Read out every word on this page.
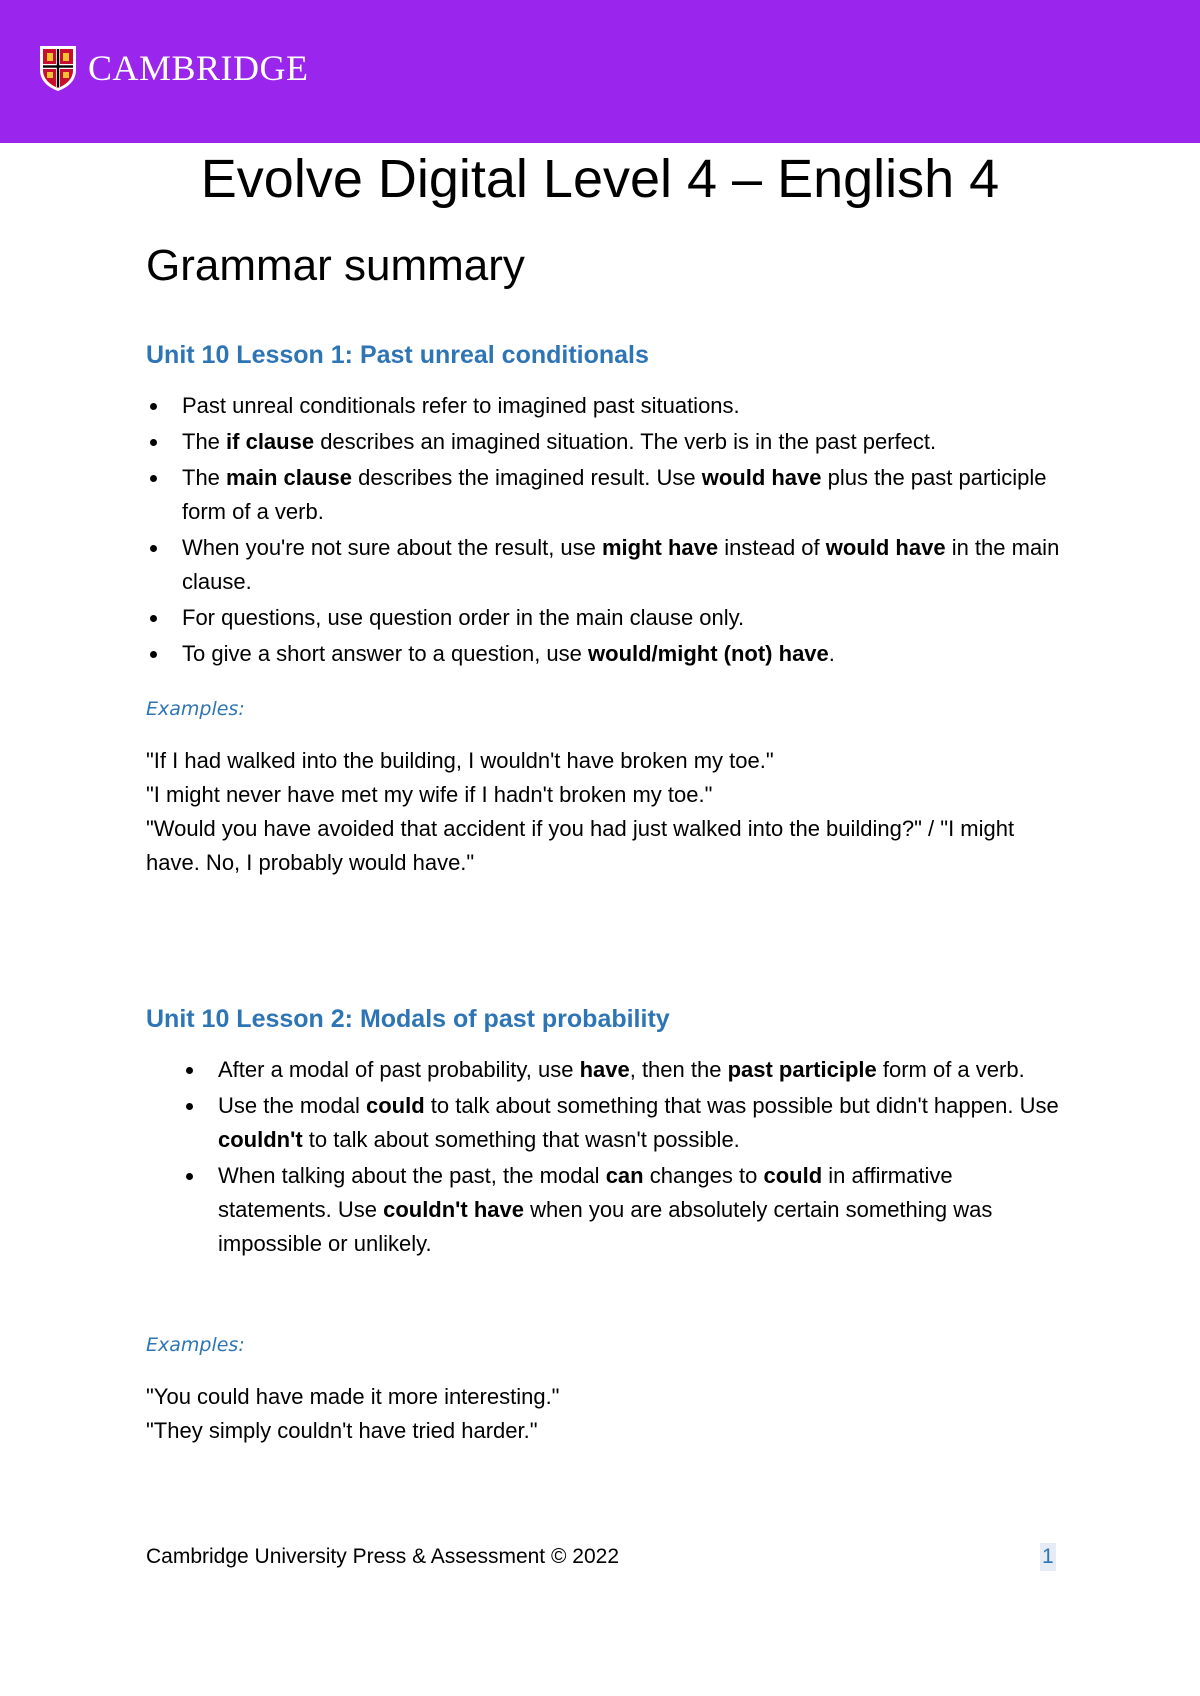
CAMBRIDGE
Evolve Digital Level 4 – English 4
Grammar summary
Unit 10 Lesson 1: Past unreal conditionals
Past unreal conditionals refer to imagined past situations.
The if clause describes an imagined situation. The verb is in the past perfect.
The main clause describes the imagined result. Use would have plus the past participle form of a verb.
When you're not sure about the result, use might have instead of would have in the main clause.
For questions, use question order in the main clause only.
To give a short answer to a question, use would/might (not) have.
Examples:

"If I had walked into the building, I wouldn't have broken my toe."

"I might never have met my wife if I hadn't broken my toe."

"Would you have avoided that accident if you had just walked into the building?" / "I might have. No, I probably would have."

Unit 10 Lesson 2: Modals of past probability
After a modal of past probability, use have, then the past participle form of a verb.
Use the modal could to talk about something that was possible but didn't happen. Use couldn't to talk about something that wasn't possible.
When talking about the past, the modal can changes to could in affirmative statements. Use couldn't have when you are absolutely certain something was impossible or unlikely.
Examples:

"You could have made it more interesting."

"They simply couldn't have tried harder."

Cambridge University Press & Assessment © 2022	1
